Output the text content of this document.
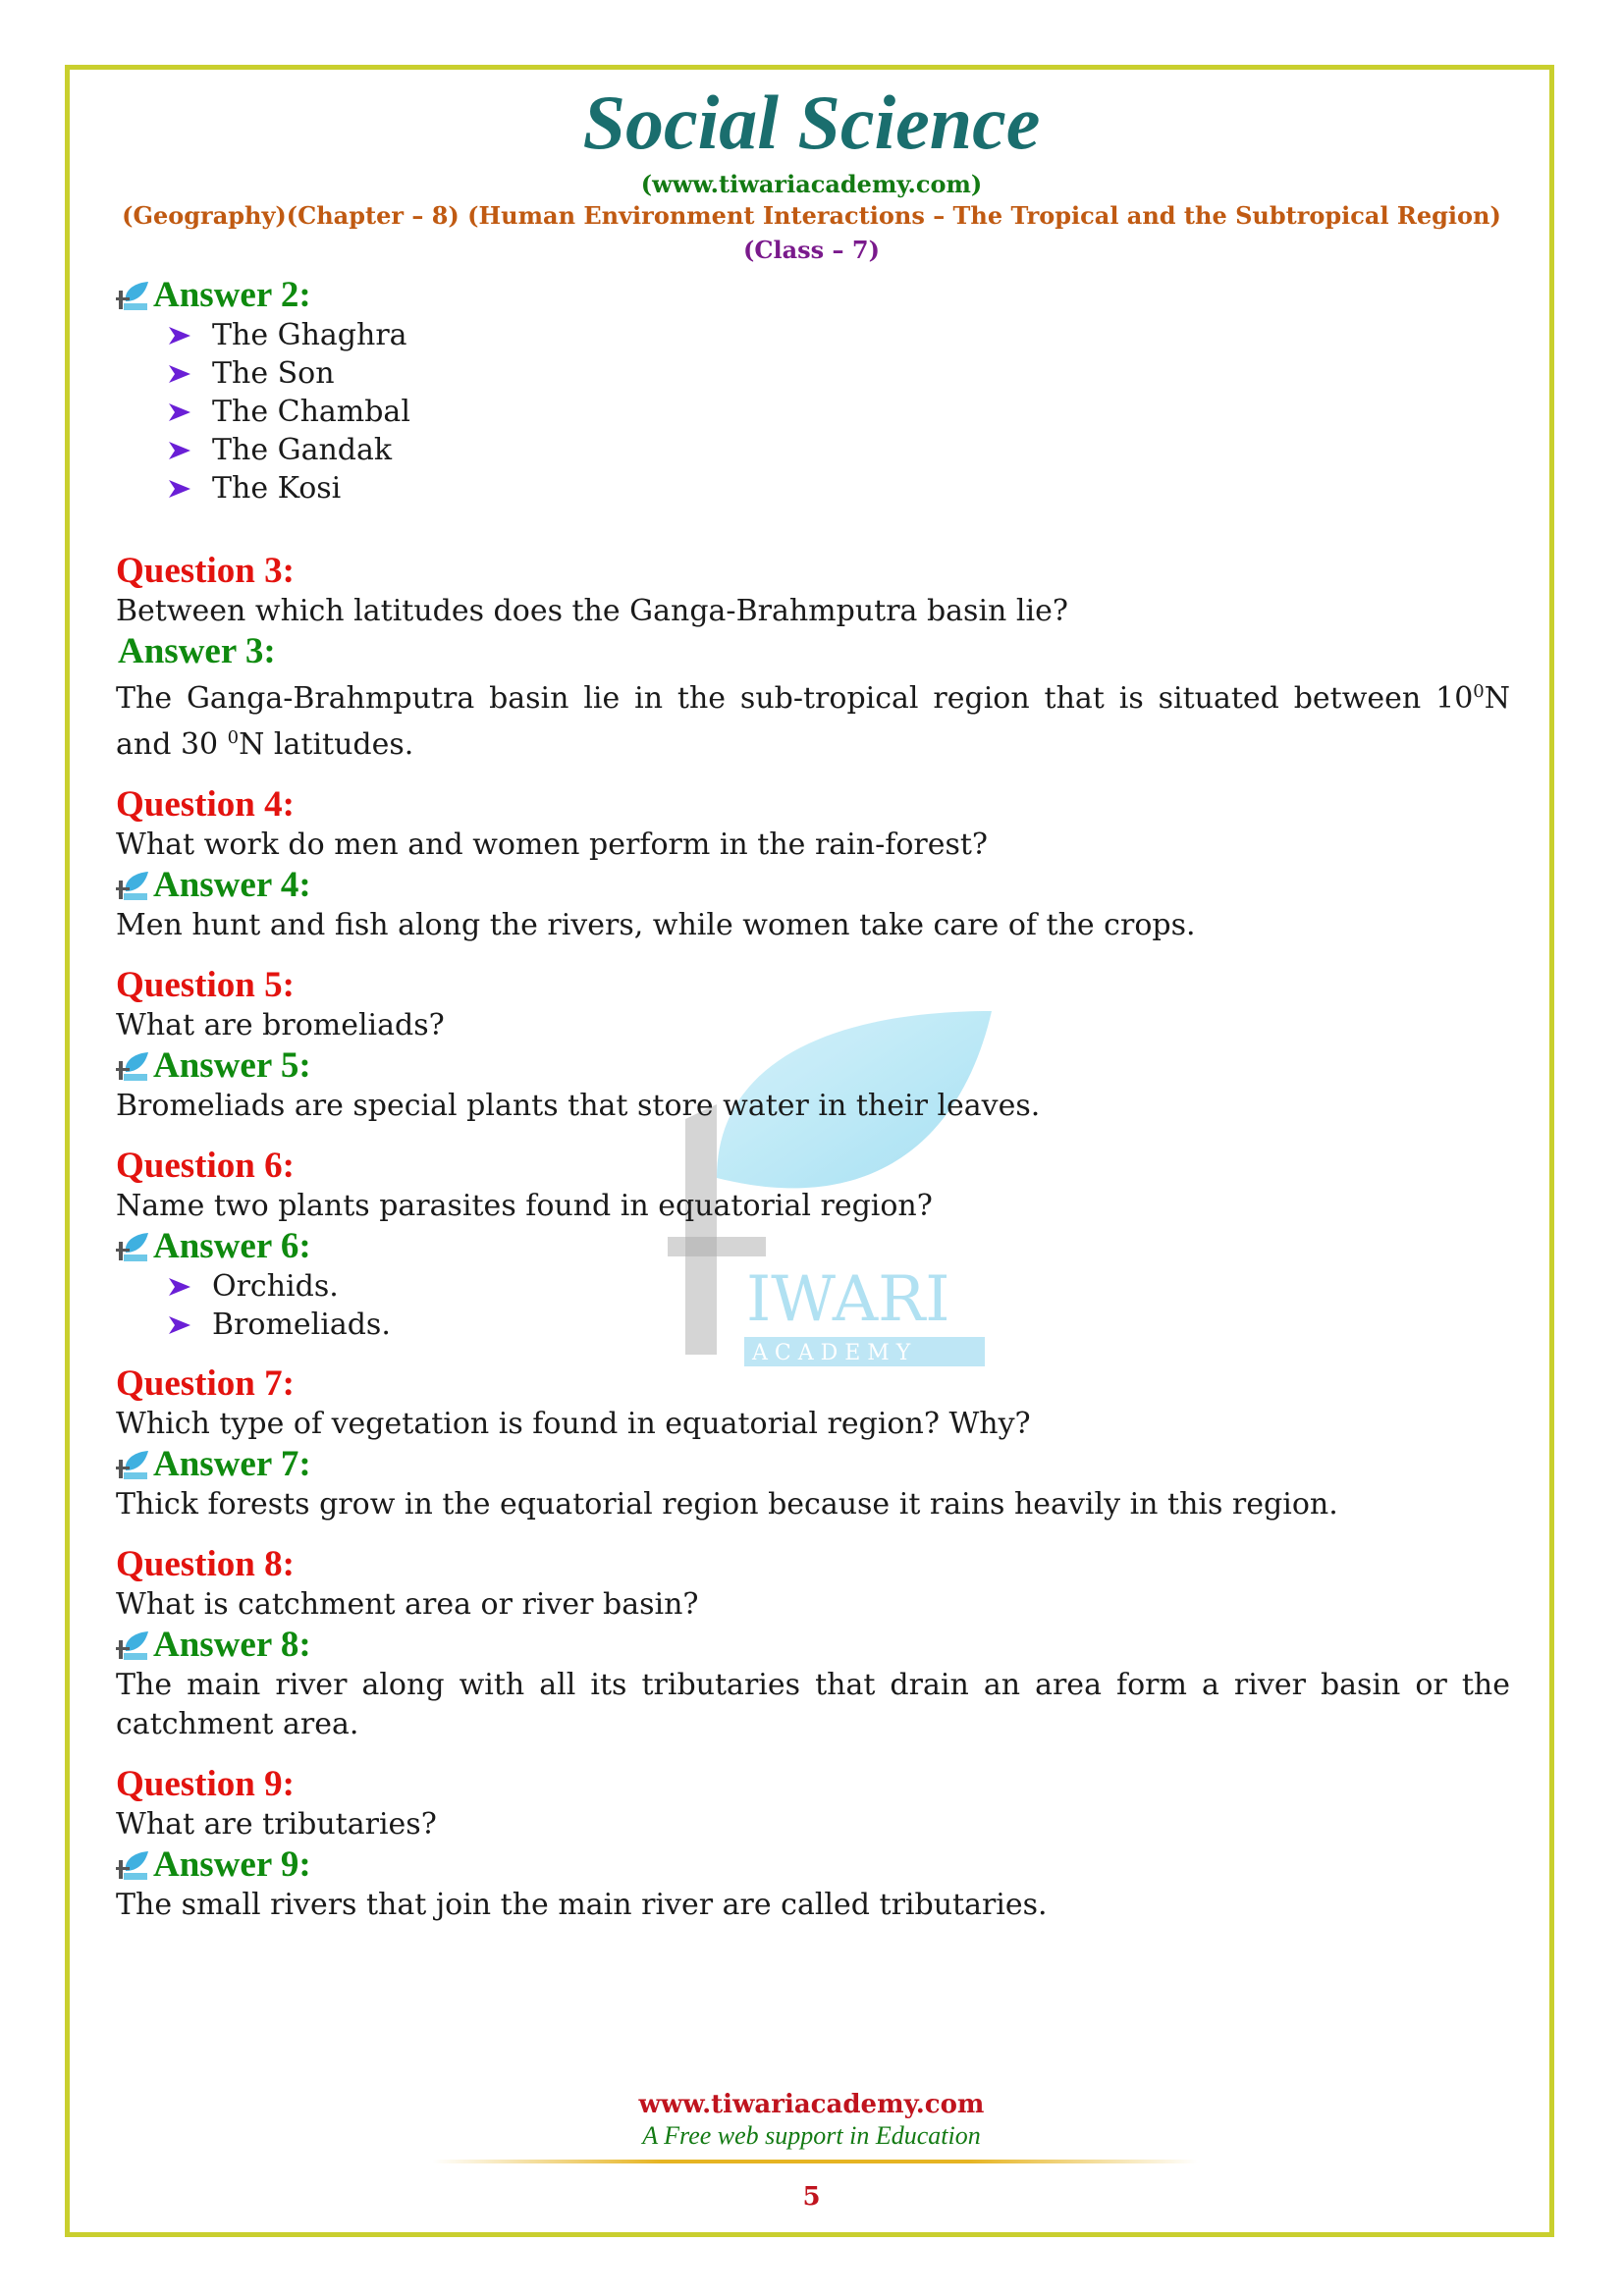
Social Science
(www.tiwariacademy.com)
(Geography)(Chapter – 8) (Human Environment Interactions – The Tropical and the Subtropical Region)
(Class – 7)
IWARI
A C A D E M Y
Answer 2:
The Ghaghra
The Son
The Chambal
The Gandak
The Kosi
Question 3:
Between which latitudes does the Ganga-Brahmputra basin lie?
Answer 3:
The Ganga-Brahmputra basin lie in the sub-tropical region that is situated between $10^0N$ and 30 $^0$N latitudes.
Question 4:
What work do men and women perform in the rain-forest?
Answer 4:
Men hunt and fish along the rivers, while women take care of the crops.
Question 5:
What are bromeliads?
Answer 5:
Bromeliads are special plants that store water in their leaves.
Question 6:
Name two plants parasites found in equatorial region?
Answer 6:
Orchids.
Bromeliads.
Question 7:
Which type of vegetation is found in equatorial region? Why?
Answer 7:
Thick forests grow in the equatorial region because it rains heavily in this region.
Question 8:
What is catchment area or river basin?
Answer 8:
The main river along with all its tributaries that drain an area form a river basin or the catchment area.
Question 9:
What are tributaries?
Answer 9:
The small rivers that join the main river are called tributaries.
www.tiwariacademy.com
A Free web support in Education
5
